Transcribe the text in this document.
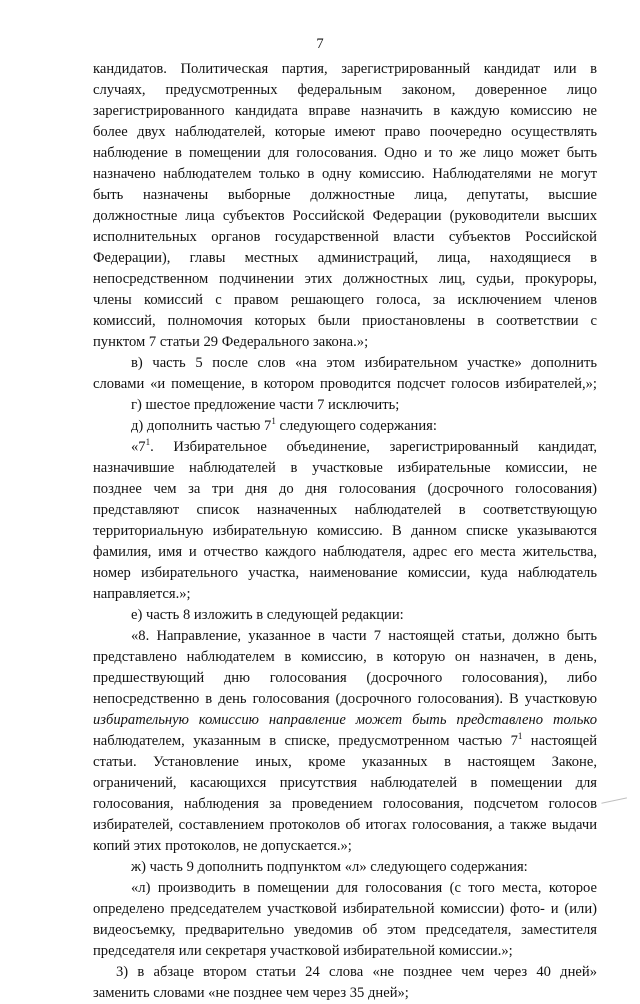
7
кандидатов. Политическая партия, зарегистрированный кандидат или в
случаях, предусмотренных федеральным законом, доверенное лицо
зарегистрированного кандидата вправе назначить в каждую комиссию не
более двух наблюдателей, которые имеют право поочередно осуществлять
наблюдение в помещении для голосования. Одно и то же лицо может быть
назначено наблюдателем только в одну комиссию. Наблюдателями не могут
быть назначены выборные должностные лица, депутаты, высшие
должностные лица субъектов Российской Федерации (руководители высших
исполнительных органов государственной власти субъектов Российской
Федерации), главы местных администраций, лица, находящиеся в
непосредственном подчинении этих должностных лиц, судьи, прокуроры,
члены комиссий с правом решающего голоса, за исключением членов
комиссий, полномочия которых были приостановлены в соответствии с
пунктом 7 статьи 29 Федерального закона.»;
в) часть 5 после слов «на этом избирательном участке» дополнить
словами «и помещение, в котором проводится подсчет голосов избирателей,»;
г) шестое предложение части 7 исключить;
д) дополнить частью $7^1$ следующего содержания:
«$7^1$. Избирательное объединение, зарегистрированный кандидат,
назначившие наблюдателей в участковые избирательные комиссии, не
позднее чем за три дня до дня голосования (досрочного голосования)
представляют список назначенных наблюдателей в соответствующую
территориальную избирательную комиссию. В данном списке указываются
фамилия, имя и отчество каждого наблюдателя, адрес его места жительства,
номер избирательного участка, наименование комиссии, куда наблюдатель
направляется.»;
е) часть 8 изложить в следующей редакции:
«8. Направление, указанное в части 7 настоящей статьи, должно быть
представлено наблюдателем в комиссию, в которую он назначен, в день,
предшествующий дню голосования (досрочного голосования), либо
непосредственно в день голосования (досрочного голосования). В участковую
избирательную комиссию направление может быть представлено только
наблюдателем, указанным в списке, предусмотренном частью $7^1$ настоящей
статьи. Установление иных, кроме указанных в настоящем Законе,
ограничений, касающихся присутствия наблюдателей в помещении для
голосования, наблюдения за проведением голосования, подсчетом голосов
избирателей, составлением протоколов об итогах голосования, а также выдачи
копий этих протоколов, не допускается.»;
ж) часть 9 дополнить подпунктом «л» следующего содержания:
«л) производить в помещении для голосования (с того места, которое
определено председателем участковой избирательной комиссии) фото- и (или)
видеосъемку, предварительно уведомив об этом председателя, заместителя
председателя или секретаря участковой избирательной комиссии.»;
3) в абзаце втором статьи 24 слова «не позднее чем через 40 дней»
заменить словами «не позднее чем через 35 дней»;
